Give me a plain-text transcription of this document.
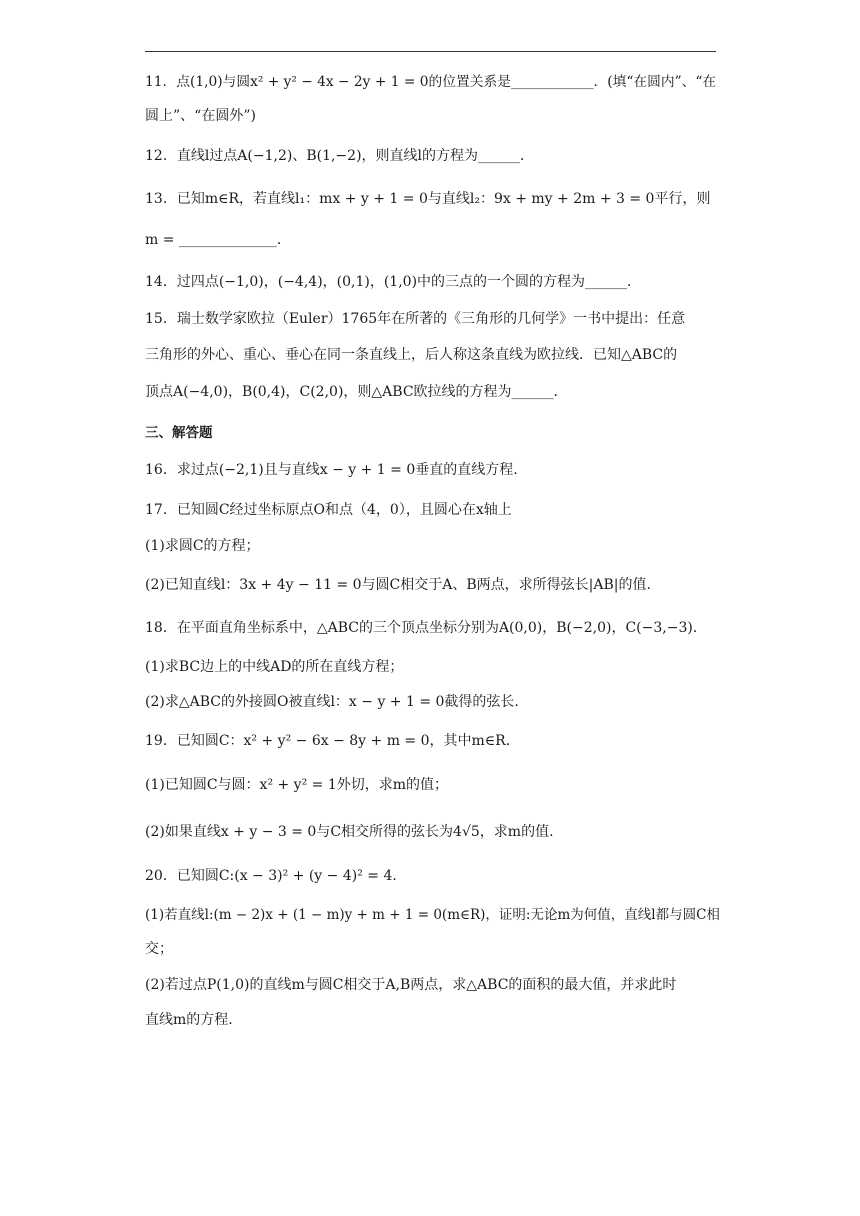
11．点(1,0)与圆x² + y² − 4x − 2y + 1 = 0的位置关系是____________．(填“在圆内”、“在
圆上”、“在圆外”)
12．直线l过点A(−1,2)、B(1,−2)，则直线l的方程为______．
13．已知m∈R，若直线l₁：mx + y + 1 = 0与直线l₂：9x + my + 2m + 3 = 0平行，则
m = ______________．
14．过四点(−1,0)，(−4,4)，(0,1)，(1,0)中的三点的一个圆的方程为______．
15．瑞士数学家欧拉（Euler）1765年在所著的《三角形的几何学》一书中提出：任意
三角形的外心、重心、垂心在同一条直线上，后人称这条直线为欧拉线．已知△ABC的
顶点A(−4,0)，B(0,4)，C(2,0)，则△ABC欧拉线的方程为______．
三、解答题
16．求过点(−2,1)且与直线x − y + 1 = 0垂直的直线方程.
17．已知圆C经过坐标原点O和点（4，0），且圆心在x轴上
(1)求圆C的方程；
(2)已知直线l：3x + 4y − 11 = 0与圆C相交于A、B两点，求所得弦长|AB|的值.
18．在平面直角坐标系中，△ABC的三个顶点坐标分别为A(0,0)，B(−2,0)，C(−3,−3)．
(1)求BC边上的中线AD的所在直线方程；
(2)求△ABC的外接圆O被直线l：x − y + 1 = 0截得的弦长.
19．已知圆C：x² + y² − 6x − 8y + m = 0，其中m∈R．
(1)已知圆C与圆：x² + y² = 1外切，求m的值；
(2)如果直线x + y − 3 = 0与C相交所得的弦长为4√5，求m的值.
20．已知圆C:(x − 3)² + (y − 4)² = 4．
(1)若直线l:(m − 2)x + (1 − m)y + m + 1 = 0(m∈R)，证明:无论m为何值，直线l都与圆C相
交；
(2)若过点P(1,0)的直线m与圆C相交于A,B两点，求△ABC的面积的最大值，并求此时
直线m的方程.
